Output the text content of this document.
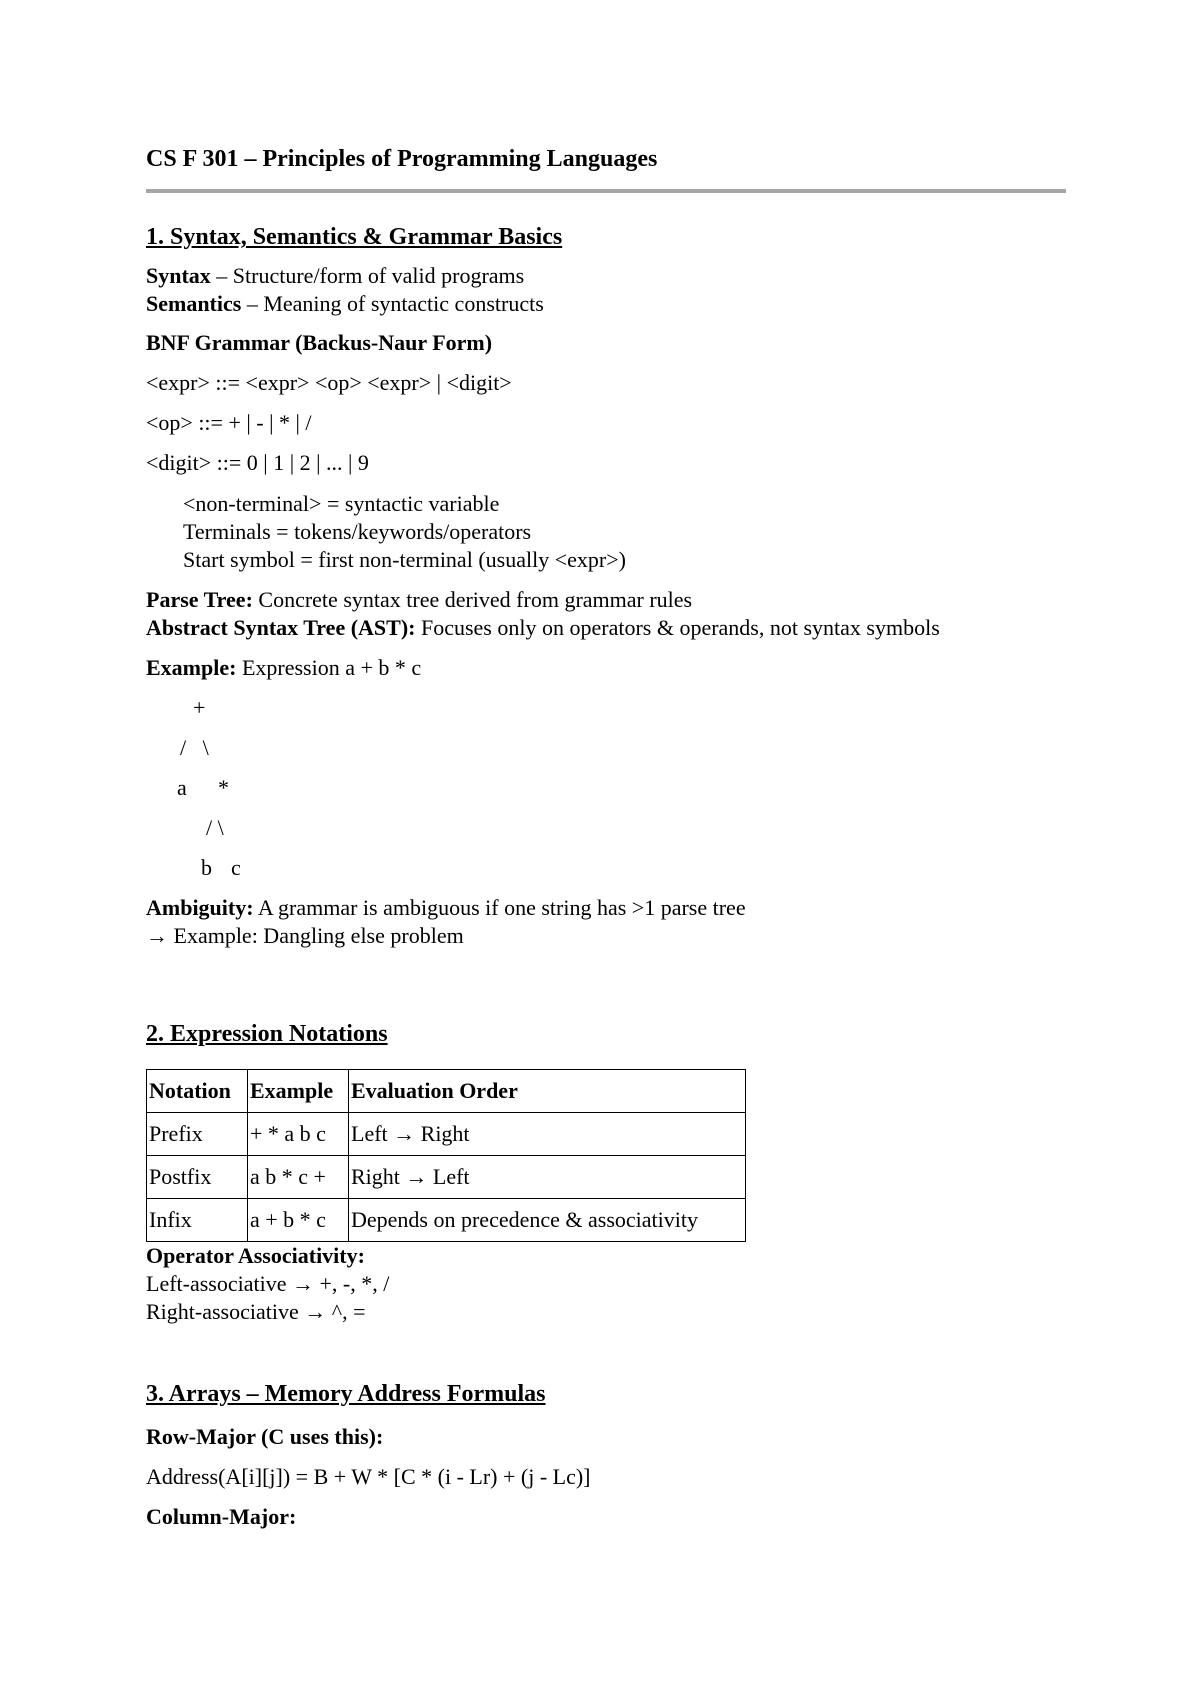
CS F 301 – Principles of Programming Languages
1. Syntax, Semantics & Grammar Basics

Syntax – Structure/form of valid programs

Semantics – Meaning of syntactic constructs

BNF Grammar (Backus-Naur Form)

<expr> ::= <expr> <op> <expr> | <digit>

<op> ::= + | - | * | /

<digit> ::= 0 | 1 | 2 | ... | 9

<non-terminal> = syntactic variable

Terminals = tokens/keywords/operators

Start symbol = first non-terminal (usually <expr>)

Parse Tree: Concrete syntax tree derived from grammar rules

Abstract Syntax Tree (AST): Focuses only on operators & operands, not syntax symbols

Example: Expression a + b * c

+
/   \
a *
/ \
b c

Ambiguity: A grammar is ambiguous if one string has >1 parse tree

→ Example: Dangling else problem

2. Expression Notations
Notation	Example	Evaluation Order
Prefix	+ * a b c	Left → Right
Postfix	a b * c +	Right → Left
Infix	a + b * c	Depends on precedence & associativity

Operator Associativity:

Left-associative → +, -, *, /

Right-associative → ^, =

3. Arrays – Memory Address Formulas

Row-Major (C uses this):

Address(A[i][j]) = B + W * [C * (i - Lr) + (j - Lc)]

Column-Major:
